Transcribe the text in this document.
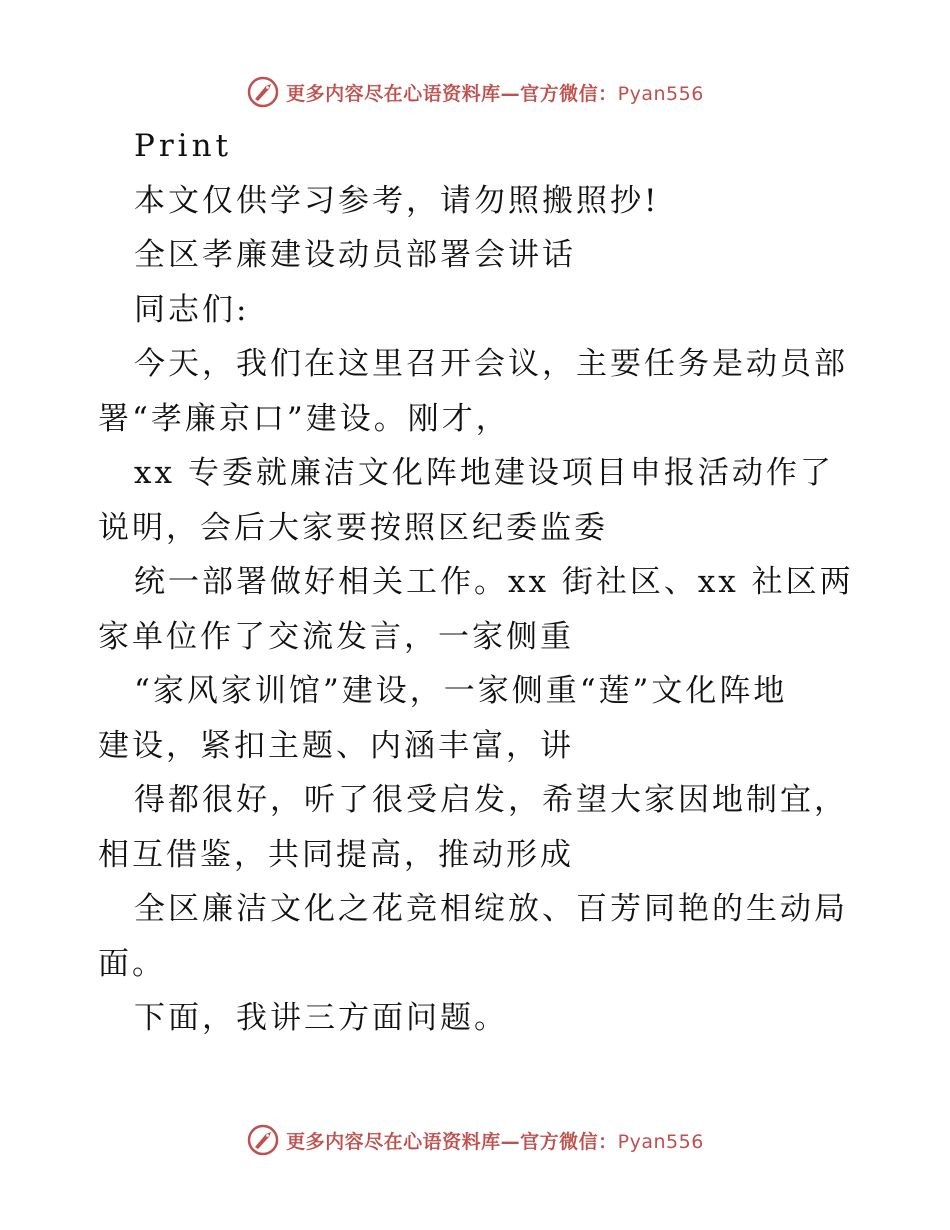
更多内容尽在心语资料库—官方微信：Pyan556

Print

本文仅供学习参考，请勿照搬照抄!

全区孝廉建设动员部署会讲话

同志们:

今天，我们在这里召开会议，主要任务是动员部

署“孝廉京口”建设。刚才，

xx 专委就廉洁文化阵地建设项目申报活动作了

说明，会后大家要按照区纪委监委

统一部署做好相关工作。xx 街社区、xx 社区两

家单位作了交流发言，一家侧重

“家风家训馆”建设，一家侧重“莲”文化阵地

建设，紧扣主题、内涵丰富，讲

得都很好，听了很受启发，希望大家因地制宜，

相互借鉴，共同提高，推动形成

全区廉洁文化之花竞相绽放、百芳同艳的生动局

面。

下面，我讲三方面问题。

更多内容尽在心语资料库—官方微信：Pyan556
